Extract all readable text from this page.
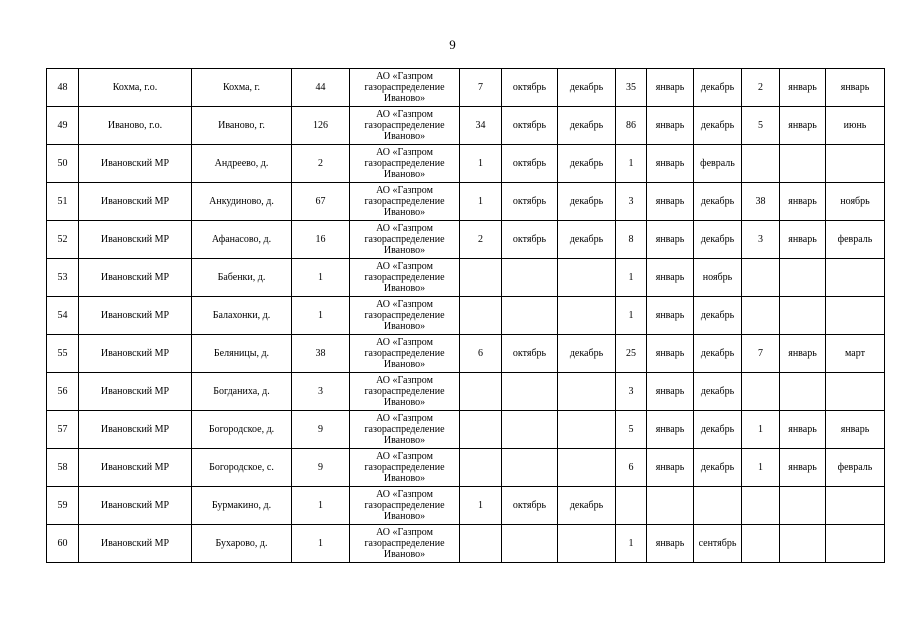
9
48	Кохма, г.о.	Кохма, г.	44	АО «Газпром газораспределение Иваново»	7	октябрь	декабрь	35	январь	декабрь	2	январь	январь
49	Иваново, г.о.	Иваново, г.	126	АО «Газпром газораспределение Иваново»	34	октябрь	декабрь	86	январь	декабрь	5	январь	июнь
50	Ивановский МР	Андреево, д.	2	АО «Газпром газораспределение Иваново»	1	октябрь	декабрь	1	январь	февраль			
51	Ивановский МР	Анкудиново, д.	67	АО «Газпром газораспределение Иваново»	1	октябрь	декабрь	3	январь	декабрь	38	январь	ноябрь
52	Ивановский МР	Афанасово, д.	16	АО «Газпром газораспределение Иваново»	2	октябрь	декабрь	8	январь	декабрь	3	январь	февраль
53	Ивановский МР	Бабенки, д.	1	АО «Газпром газораспределение Иваново»				1	январь	ноябрь			
54	Ивановский МР	Балахонки, д.	1	АО «Газпром газораспределение Иваново»				1	январь	декабрь			
55	Ивановский МР	Беляницы, д.	38	АО «Газпром газораспределение Иваново»	6	октябрь	декабрь	25	январь	декабрь	7	январь	март
56	Ивановский МР	Богданиха, д.	3	АО «Газпром газораспределение Иваново»				3	январь	декабрь			
57	Ивановский МР	Богородское, д.	9	АО «Газпром газораспределение Иваново»				5	январь	декабрь	1	январь	январь
58	Ивановский МР	Богородское, с.	9	АО «Газпром газораспределение Иваново»				6	январь	декабрь	1	январь	февраль
59	Ивановский МР	Бурмакино, д.	1	АО «Газпром газораспределение Иваново»	1	октябрь	декабрь						
60	Ивановский МР	Бухарово, д.	1	АО «Газпром газораспределение Иваново»				1	январь	сентябрь			
